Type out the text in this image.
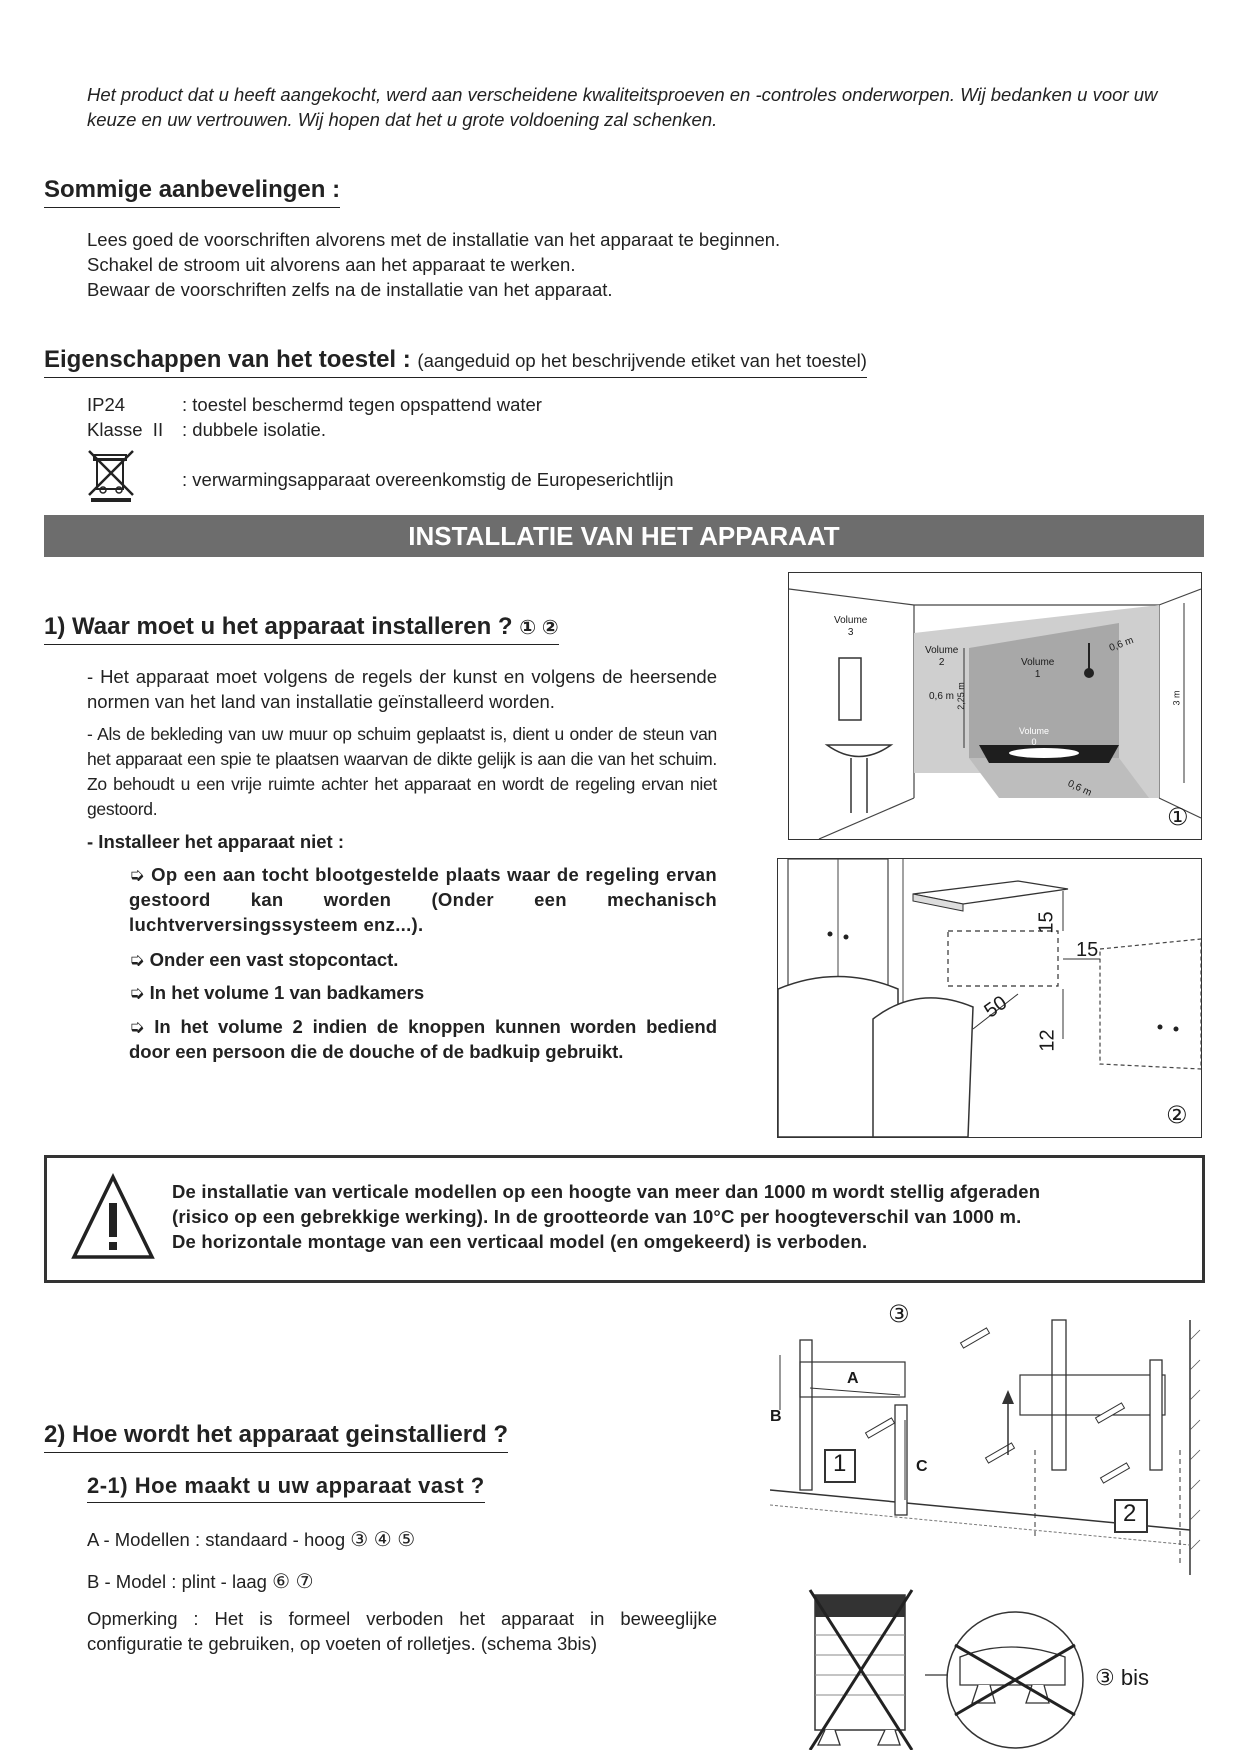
Het product dat u heeft aangekocht, werd aan verscheidene kwaliteitsproeven en -controles onderworpen. Wij bedanken u voor uw keuze en uw vertrouwen. Wij hopen dat het u grote voldoening zal schenken.
Sommige aanbevelingen :
Lees goed de voorschriften alvorens met de installatie van het apparaat te beginnen.
Schakel de stroom uit alvorens aan het apparaat te werken.
Bewaar de voorschriften zelfs na de installatie van het apparaat.
Eigenschappen van het toestel : (aangeduid op het beschrijvende etiket van het toestel)
IP24	: toestel beschermd tegen opspattend water
Klasse  II : dubbele isolatie.
: verwarmingsapparaat overeenkomstig de Europeserichtlijn
INSTALLATIE VAN HET APPARAAT
1) Waar moet u het apparaat installeren ? ① ②
- Het apparaat moet volgens de regels der kunst en volgens de heersende normen van het land van installatie geïnstalleerd worden.
- Als de bekleding van uw muur op schuim geplaatst is, dient u onder de steun van het apparaat een spie te plaatsen waarvan de dikte gelijk is aan die van het schuim. Zo behoudt u een vrije ruimte achter het apparaat en wordt de regeling ervan niet gestoord.
- Installeer het apparaat niet :
➭ Op een aan tocht blootgestelde plaats waar de regeling ervan gestoord kan worden (Onder een mechanisch luchtverversingssysteem enz...).
➭ Onder een vast stopcontact.
➭ In het volume 1 van badkamers
➭ In het volume 2 indien de knoppen kunnen worden bediend door een persoon die de douche of de badkuip gebruikt.
Volume
3
Volume
2	Volume
1
Volume
0
0,6 m
0,6 m
0,6 m
2,25 m	3 m
①
15
15
50
12
②
De installatie van verticale modellen op een hoogte van meer dan 1000 m wordt stellig afgeraden
(risico op een gebrekkige werking). In de grootteorde van 10°C per hoogteverschil van 1000 m.
De horizontale montage van een verticaal model (en omgekeerd) is verboden.
2) Hoe wordt het apparaat geinstallierd ?
2-1) Hoe maakt u uw apparaat vast ?
A - Modellen : standaard - hoog ③ ④ ⑤
B - Model : plint - laag ⑥ ⑦
Opmerking : Het is formeel verboden het apparaat in beweeglijke configuratie te gebruiken, op voeten of rolletjes. (schema 3bis)
③
A
B
C
1
2
③ bis
